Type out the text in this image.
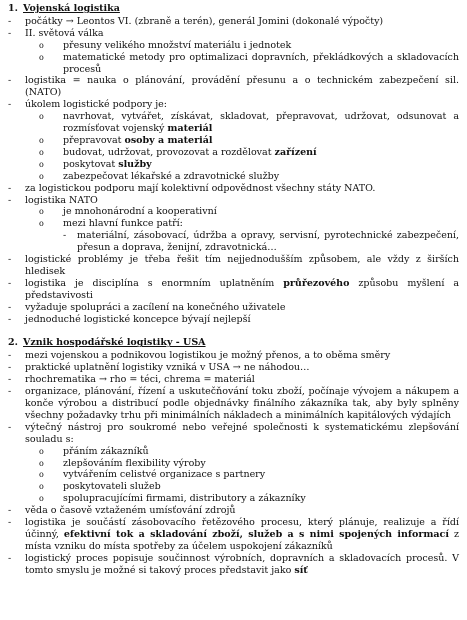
1. Vojenská logistika
-	počátky → Leontos VI. (zbraně a terén), generál Jomini (dokonalé výpočty)
-	II. světová válka
o	přesuny velikého množství materiálu i jednotek
o	matematické metody pro optimalizaci dopravních, překládkových a skladovacích procesů
-	logistika = nauka o plánování, provádění přesunu a o technickém zabezpečení sil. (NATO)
-	úkolem logistické podpory je:
o	navrhovat, vytvářet, získávat, skladovat, přepravovat, udržovat, odsunovat a rozmísťovat vojenský materiál
o	přepravovat osoby a materiál
o	budovat, udržovat, provozovat a rozdělovat zařízení
o	poskytovat služby
o	zabezpečovat lékařské a zdravotnické služby
-	za logistickou podporu mají kolektivní odpovědnost všechny státy NATO.
-	logistika NATO
o	je mnohonárodní a kooperativní
o	mezi hlavní funkce patří:
-	materiální, zásobovací, údržba a opravy, servisní, pyrotechnické zabezpečení, přesun a doprava, ženijní, zdravotnická…
-	logistické problémy je třeba řešit tím nejjednodušším způsobem, ale vždy z širších hledisek
-	logistika je disciplína s enormním uplatněním průřezového způsobu myšlení a představivosti
-	vyžaduje spolupráci a zacílení na konečného uživatele
-	jednoduché logistické koncepce bývají nejlepší
2. Vznik hospodářské logistiky - USA
-	mezi vojenskou a podnikovou logistikou je možný přenos, a to oběma směry
-	praktické uplatnění logistiky vzniká v USA → ne náhodou…
-	rhochrematika → rho = téci, chrema = materiál
-	organizace, plánování, řízení a uskutečňování toku zboží, počínaje vývojem a nákupem a konče výrobou a distribucí podle objednávky finálního zákazníka tak, aby byly splněny všechny požadavky trhu při minimálních nákladech a minimálních kapitálových výdajích
-	výtečný nástroj pro soukromé nebo veřejné společnosti k systematickému zlepšování souladu s:
o	přáním zákazníků
o	zlepšováním flexibility výroby
o	vytvářením celistvé organizace s partnery
o	poskytovateli služeb
o	spolupracujícími firmami, distributory a zákazníky
-	věda o časově vztaženém umísťování zdrojů
-	logistika je součástí zásobovacího řetězového procesu, který plánuje, realizuje a řídí účinný, efektivní tok a skladování zboží, služeb a s nimi spojených informací z místa vzniku do místa spotřeby za účelem uspokojení zákazníků
-	logistický proces popisuje součinnost výrobních, dopravních a skladovacích procesů. V tomto smyslu je možné si takový proces představit jako síť
